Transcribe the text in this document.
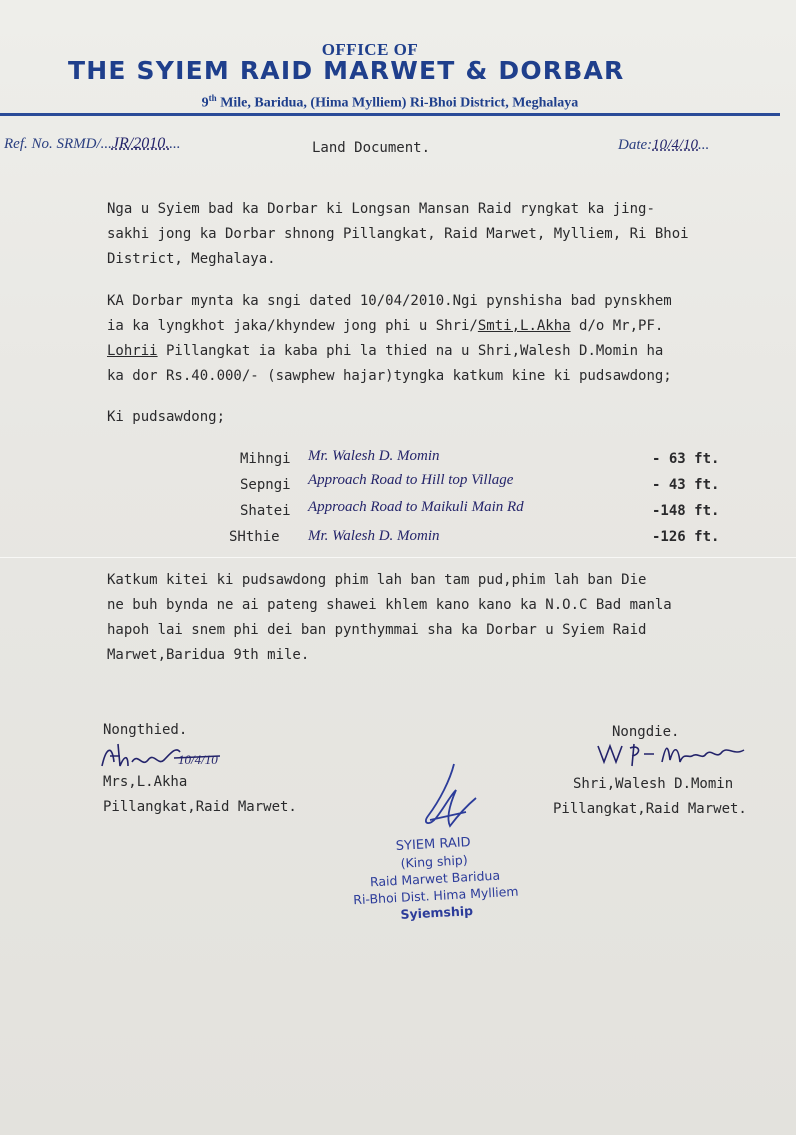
OFFICE OF
THE SYIEM RAID MARWET & DORBAR
9th Mile, Baridua, (Hima Mylliem) Ri-Bhoi District, Meghalaya
Ref. No. SRMD/...JR/2010....	Land Document.	Date:10/4/10...
Nga u Syiem bad ka Dorbar ki Longsan Mansan Raid ryngkat ka jing-
sakhi jong ka Dorbar shnong Pillangkat, Raid Marwet, Mylliem, Ri Bhoi
District, Meghalaya.
KA Dorbar mynta ka sngi dated 10/04/2010.Ngi pynshisha bad pynskhem
ia ka lyngkhot jaka/khyndew jong phi u Shri/Smti,L.Akha d/o Mr,PF.
Lohrii Pillangkat ia kaba phi la thied na u Shri,Walesh D.Momin ha
ka dor Rs.40.000/- (sawphew hajar)tyngka katkum kine ki pudsawdong;
Ki pudsawdong;
Mihngi Mr. Walesh D. Momin	- 63 ft.
Sepngi Approach Road to Hill top Village	- 43 ft.
Shatei Approach Road to Maikuli Main Rd	-148 ft.
SHthie Mr. Walesh D. Momin	-126 ft.
Katkum kitei ki pudsawdong phim lah ban tam pud,phim lah ban Die
ne buh bynda ne ai pateng shawei khlem kano kano ka N.O.C Bad manla
hapoh lai snem phi dei ban pynthymmai sha ka Dorbar u Syiem Raid
Marwet,Baridua 9th mile.
Nongthied.
10/4/10
Mrs,L.Akha
Pillangkat,Raid Marwet.
Nongdie.
Shri,Walesh D.Momin
Pillangkat,Raid Marwet.
SYIEM RAID
(King ship)
Raid Marwet Baridua
Ri-Bhoi Dist. Hima Mylliem
Syiemship
